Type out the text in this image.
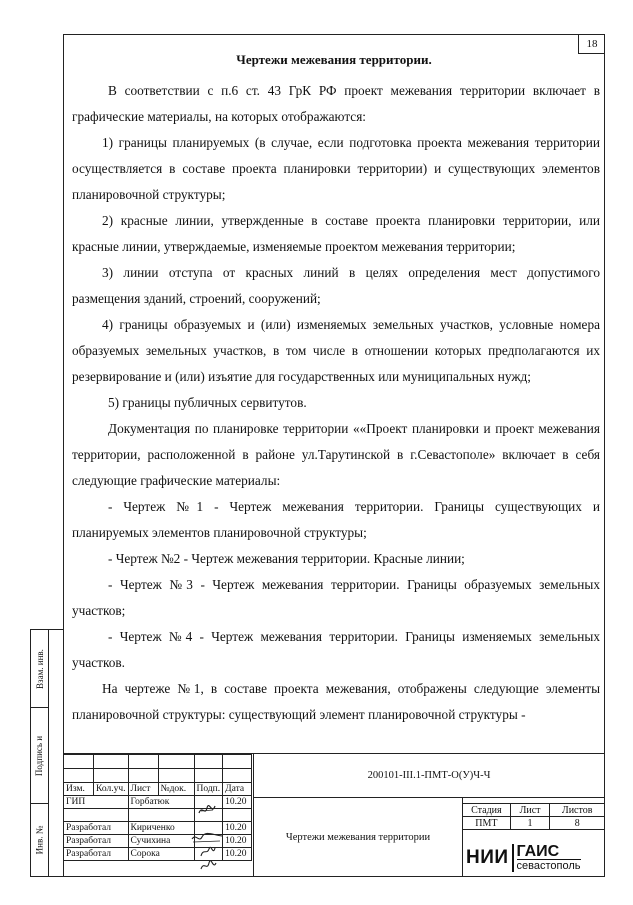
18
Чертежи межевания территории.

В соответствии с п.6 ст. 43 ГрК РФ проект межевания территории включает в графические материалы, на которых отображаются:

1) границы планируемых (в случае, если подготовка проекта межевания территории осуществляется в составе проекта планировки территории) и существующих элементов планировочной структуры;

2) красные линии, утвержденные в составе проекта планировки территории, или красные линии, утверждаемые, изменяемые проектом межевания территории;

3) линии отступа от красных линий в целях определения мест допустимого размещения зданий, строений, сооружений;

4) границы образуемых и (или) изменяемых земельных участков, условные номера образуемых земельных участков, в том числе в отношении которых предполагаются их резервирование и (или) изъятие для государственных или муниципальных нужд;

5) границы публичных сервитутов.

Документация по планировке территории ««Проект планировки и проект межевания территории, расположенной в районе ул.Тарутинской в г.Севастополе» включает в себя следующие графические материалы:

- Чертеж №1 - Чертеж межевания территории. Границы существующих и планируемых элементов планировочной структуры;

- Чертеж №2 - Чертеж межевания территории. Красные линии;

- Чертеж №3 - Чертеж межевания территории. Границы образуемых земельных участков;

- Чертеж №4 - Чертеж межевания территории. Границы изменяемых земельных участков.

На чертеже №1, в составе проекта межевания, отображены следующие элементы планировочной структуры: существующий элемент планировочной структуры -

Взам. инв.
Подпись и
Инв. №

Изм.	Кол.уч.	Лист	№док.	Подп.	Дата
ГИП		Горбатюк			10.20

Разработал		Кириченко			10.20
Разработал		Сучихина			10.20
Разработал		Сорока			10.20
200101-III.1-ПМТ-О(У)Ч-Ч
Чертежи межевания территории
Стадия	Лист	Листов
ПМТ	1	8
НИИ ГАИС
севастополь
